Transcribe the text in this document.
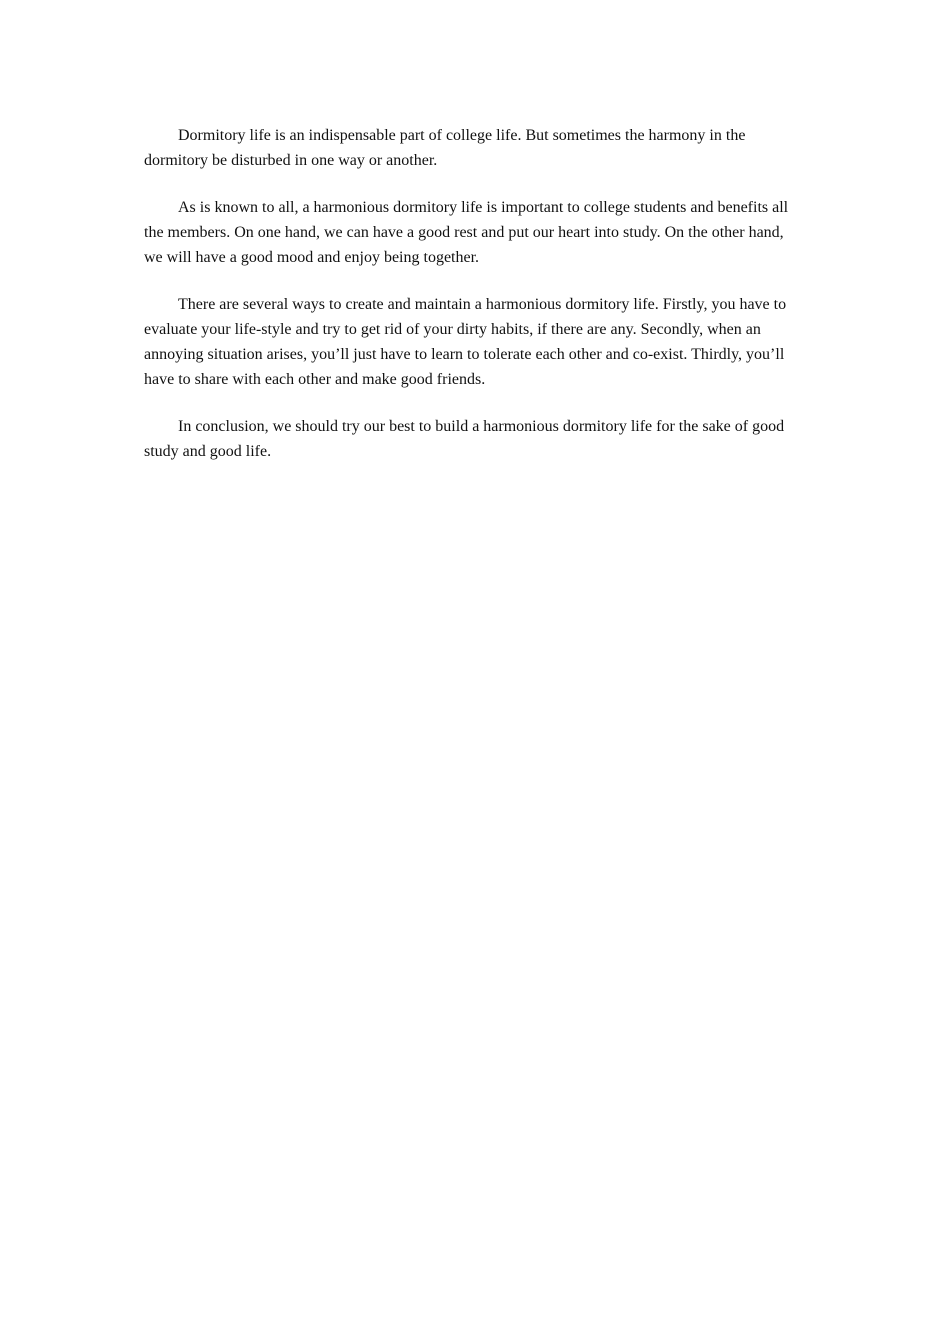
Dormitory life is an indispensable part of college life. But sometimes the harmony in the dormitory be disturbed in one way or another.

As is known to all, a harmonious dormitory life is important to college students and benefits all the members. On one hand, we can have a good rest and put our heart into study. On the other hand, we will have a good mood and enjoy being together.

There are several ways to create and maintain a harmonious dormitory life. Firstly, you have to evaluate your life-style and try to get rid of your dirty habits, if there are any. Secondly, when an annoying situation arises, you’ll just have to learn to tolerate each other and co-exist. Thirdly, you’ll have to share with each other and make good friends.

In conclusion, we should try our best to build a harmonious dormitory life for the sake of good study and good life.
